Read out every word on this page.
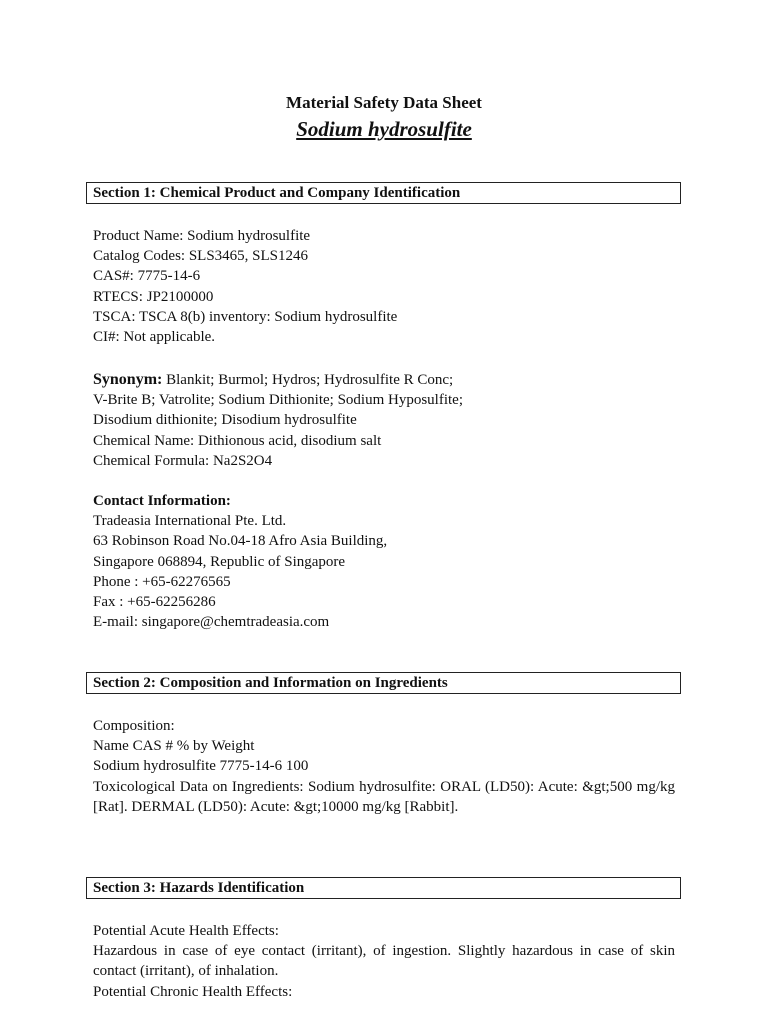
Material Safety Data Sheet
Sodium hydrosulfite
Section 1: Chemical Product and Company Identification
Product Name: Sodium hydrosulfite
Catalog Codes: SLS3465, SLS1246
CAS#: 7775-14-6
RTECS: JP2100000
TSCA: TSCA 8(b) inventory: Sodium hydrosulfite
CI#: Not applicable.
Synonym: Blankit; Burmol; Hydros; Hydrosulfite R Conc;
V-Brite B; Vatrolite; Sodium Dithionite; Sodium Hyposulfite;
Disodium dithionite; Disodium hydrosulfite
Chemical Name: Dithionous acid, disodium salt
Chemical Formula: Na2S2O4
Contact Information:
Tradeasia International Pte. Ltd.
63 Robinson Road No.04-18 Afro Asia Building,
Singapore 068894, Republic of Singapore
Phone : +65-62276565
Fax : +65-62256286
E-mail: singapore@chemtradeasia.com
Section 2: Composition and Information on Ingredients
Composition:
Name CAS # % by Weight
Sodium hydrosulfite 7775-14-6 100
Toxicological Data on Ingredients: Sodium hydrosulfite: ORAL (LD50): Acute: &gt;500 mg/kg [Rat]. DERMAL (LD50): Acute: &gt;10000 mg/kg [Rabbit].
Section 3: Hazards Identification
Potential Acute Health Effects:
Hazardous in case of eye contact (irritant), of ingestion. Slightly hazardous in case of skin contact (irritant), of inhalation.
Potential Chronic Health Effects:
